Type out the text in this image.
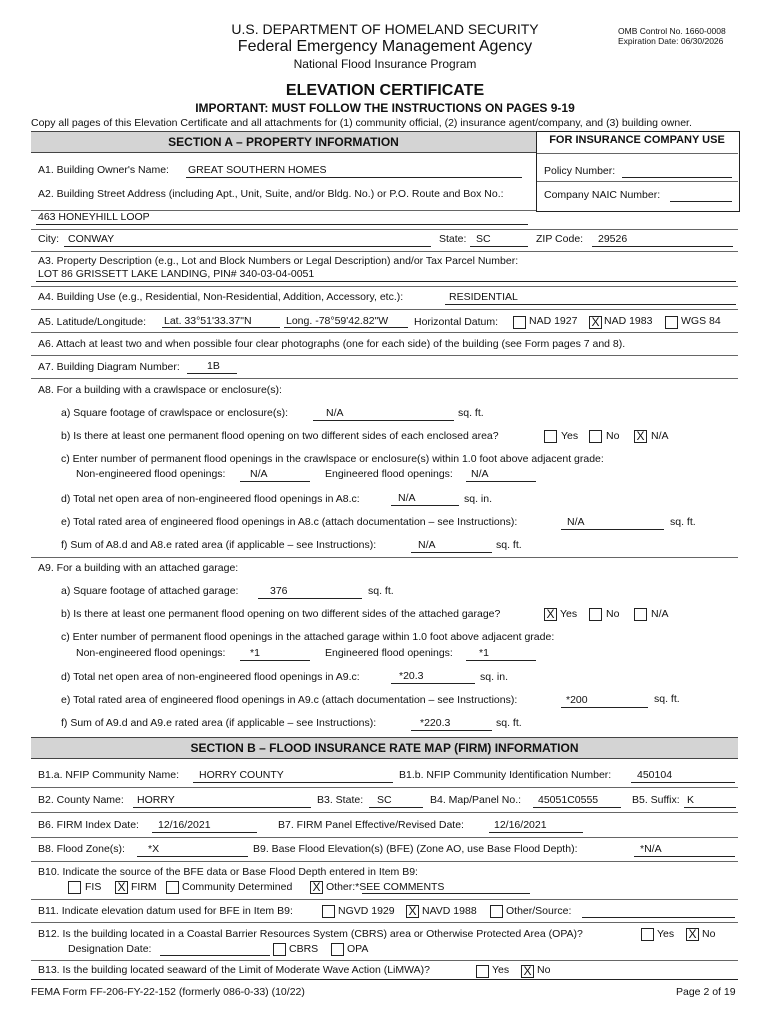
U.S. DEPARTMENT OF HOMELAND SECURITY
Federal Emergency Management Agency
National Flood Insurance Program
OMB Control No. 1660-0008
Expiration Date: 06/30/2026
ELEVATION CERTIFICATE
IMPORTANT: MUST FOLLOW THE INSTRUCTIONS ON PAGES 9-19
Copy all pages of this Elevation Certificate and all attachments for (1) community official, (2) insurance agent/company, and (3) building owner.
SECTION A – PROPERTY INFORMATION	FOR INSURANCE COMPANY USE
A1. Building Owner's Name: GREAT SOUTHERN HOMES	Policy Number:
A2. Building Street Address (including Apt., Unit, Suite, and/or Bldg. No.) or P.O. Route and Box No.:	Company NAIC Number:
463 HONEYHILL LOOP
City: CONWAY	State: SC	ZIP Code: 29526
A3. Property Description (e.g., Lot and Block Numbers or Legal Description) and/or Tax Parcel Number:
LOT 86 GRISSETT LAKE LANDING, PIN# 340-03-04-0051
A4. Building Use (e.g., Residential, Non-Residential, Addition, Accessory, etc.):	RESIDENTIAL
A5. Latitude/Longitude: Lat. 33°51'33.37"N	Long. -78°59'42.82"W Horizontal Datum:	NAD 1927 X NAD 1983	WGS 84
A6. Attach at least two and when possible four clear photographs (one for each side) of the building (see Form pages 7 and 8).
A7. Building Diagram Number:	1B
A8. For a building with a crawlspace or enclosure(s):
a) Square footage of crawlspace or enclosure(s):	N/A	sq. ft.
b) Is there at least one permanent flood opening on two different sides of each enclosed area?	Yes	No X N/A
c) Enter number of permanent flood openings in the crawlspace or enclosure(s) within 1.0 foot above adjacent grade:
Non-engineered flood openings: N/A	Engineered flood openings: N/A
d) Total net open area of non-engineered flood openings in A8.c:	N/A	sq. in.
e) Total rated area of engineered flood openings in A8.c (attach documentation – see Instructions):	N/A	sq. ft.
f) Sum of A8.d and A8.e rated area (if applicable – see Instructions):	N/A	sq. ft.
A9. For a building with an attached garage:
a) Square footage of attached garage:	376	sq. ft.
b) Is there at least one permanent flood opening on two different sides of the attached garage?	X Yes	No	N/A
c) Enter number of permanent flood openings in the attached garage within 1.0 foot above adjacent grade:
Non-engineered flood openings: *1	Engineered flood openings: *1
d) Total net open area of non-engineered flood openings in A9.c:	*20.3	sq. in.
e) Total rated area of engineered flood openings in A9.c (attach documentation – see Instructions):	*200	sq. ft.
f) Sum of A9.d and A9.e rated area (if applicable – see Instructions):	*220.3	sq. ft.
SECTION B – FLOOD INSURANCE RATE MAP (FIRM) INFORMATION
B1.a. NFIP Community Name: HORRY COUNTY	B1.b. NFIP Community Identification Number: 450104
B2. County Name: HORRY	B3. State: SC	B4. Map/Panel No.: 45051C0555	B5. Suffix: K
B6. FIRM Index Date: 12/16/2021	B7. FIRM Panel Effective/Revised Date:	12/16/2021
B8. Flood Zone(s): *X	B9. Base Flood Elevation(s) (BFE) (Zone AO, use Base Flood Depth):	*N/A
B10. Indicate the source of the BFE data or Base Flood Depth entered in Item B9:
FIS X FIRM Community Determined X Other:*SEE COMMENTS
B11. Indicate elevation datum used for BFE in Item B9:	NGVD 1929 X NAVD 1988	Other/Source:
B12. Is the building located in a Coastal Barrier Resources System (CBRS) area or Otherwise Protected Area (OPA)?	Yes X No
Designation Date:	CBRS	OPA
B13. Is the building located seaward of the Limit of Moderate Wave Action (LiMWA)?	Yes X No
FEMA Form FF-206-FY-22-152 (formerly 086-0-33) (10/22)	Page 2 of 19
